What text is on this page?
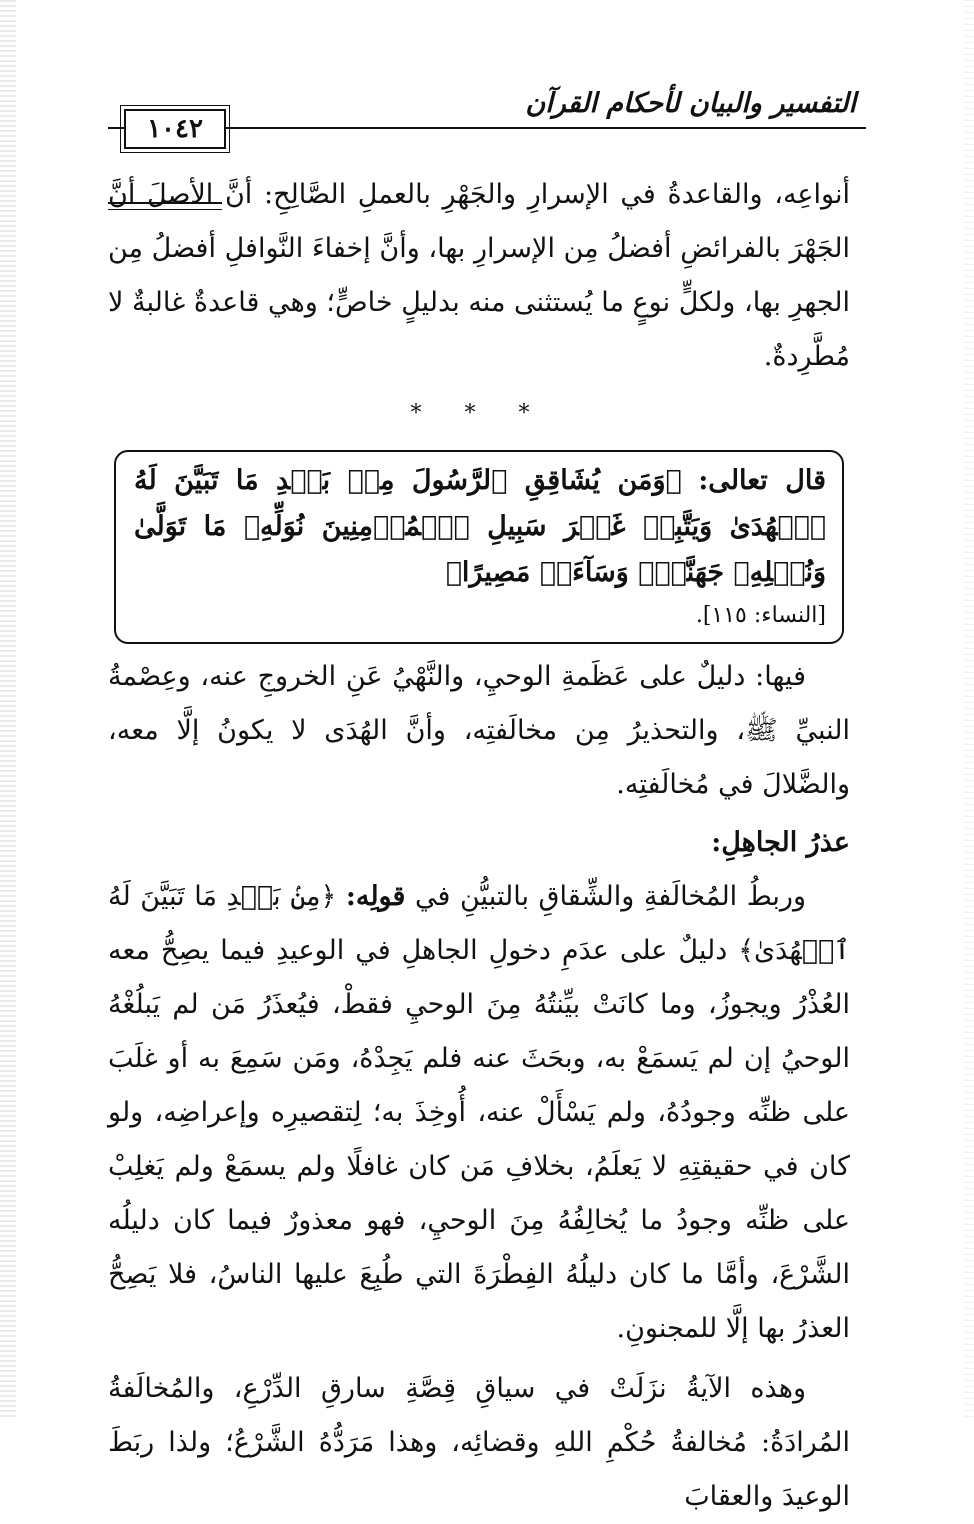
التفسير والبيان لأحكام القرآن
١٠٤٢

أنواعِه، والقاعدةُ في الإسرارِ والجَهْرِ بالعملِ الصَّالِحِ: أنَّ الأصلَ أنَّ الجَهْرَ بالفرائضِ أفضلُ مِن الإسرارِ بها، وأنَّ إخفاءَ النَّوافلِ أفضلُ مِن الجهرِ بها، ولكلٍّ نوعٍ ما يُستثنى منه بدليلٍ خاصٍّ؛ وهي قاعدةٌ غالبةٌ لا مُطَّرِدةٌ.

* * *

قال تعالى: ﴿وَمَن يُشَاقِقِ ٱلرَّسُولَ مِنۢ بَعۡدِ مَا تَبَيَّنَ لَهُ ٱلۡهُدَىٰ وَيَتَّبِعۡ غَيۡرَ سَبِيلِ ٱلۡمُؤۡمِنِينَ نُوَلِّهِۦ مَا تَوَلَّىٰ وَنُصۡلِهِۦ جَهَنَّمَۖ وَسَآءَتۡ مَصِيرًا﴾

[النساء: ١١٥].

فيها: دليلٌ على عَظَمةِ الوحيِ، والنَّهْيُ عَنِ الخروجِ عنه، وعِصْمةُ النبيِّ ﷺ، والتحذيرُ مِن مخالَفتِه، وأنَّ الهُدَى لا يكونُ إلَّا معه، والضَّلالَ في مُخالَفتِه.

عذرُ الجاهِلِ:

وربطُ المُخالَفةِ والشِّقاقِ بالتبيُّنِ في قولِه: ﴿مِنۢ بَعۡدِ مَا تَبَيَّنَ لَهُ ٱلۡهُدَىٰ﴾ دليلٌ على عدَمِ دخولِ الجاهلِ في الوعيدِ فيما يصِحُّ معه العُذْرُ ويجوزُ، وما كانَتْ بيِّنتُهُ مِنَ الوحيِ فقطْ، فيُعذَرُ مَن لم يَبلُغْهُ الوحيُ إن لم يَسمَعْ به، وبحَثَ عنه فلم يَجِدْهُ، ومَن سَمِعَ به أو غلَبَ على ظنِّه وجودُهُ، ولم يَسْأَلْ عنه، أُوخِذَ به؛ لِتقصيرِه وإعراضِه، ولو كان في حقيقتِهِ لا يَعلَمُ، بخلافِ مَن كان غافلًا ولم يسمَعْ ولم يَغلِبْ على ظنِّه وجودُ ما يُخالِفُهُ مِنَ الوحيِ، فهو معذورٌ فيما كان دليلُه الشَّرْعَ، وأمَّا ما كان دليلُهُ الفِطْرَةَ التي طُبِعَ عليها الناسُ، فلا يَصِحُّ العذرُ بها إلَّا للمجنونِ.

وهذه الآيةُ نزَلَتْ في سياقِ قِصَّةِ سارقِ الدِّرْعِ، والمُخالَفةُ المُرادَةُ: مُخالفةُ حُكْمِ اللهِ وقضائِه، وهذا مَرَدُّهُ الشَّرْعُ؛ ولذا ربَطَ الوعيدَ والعقابَ
